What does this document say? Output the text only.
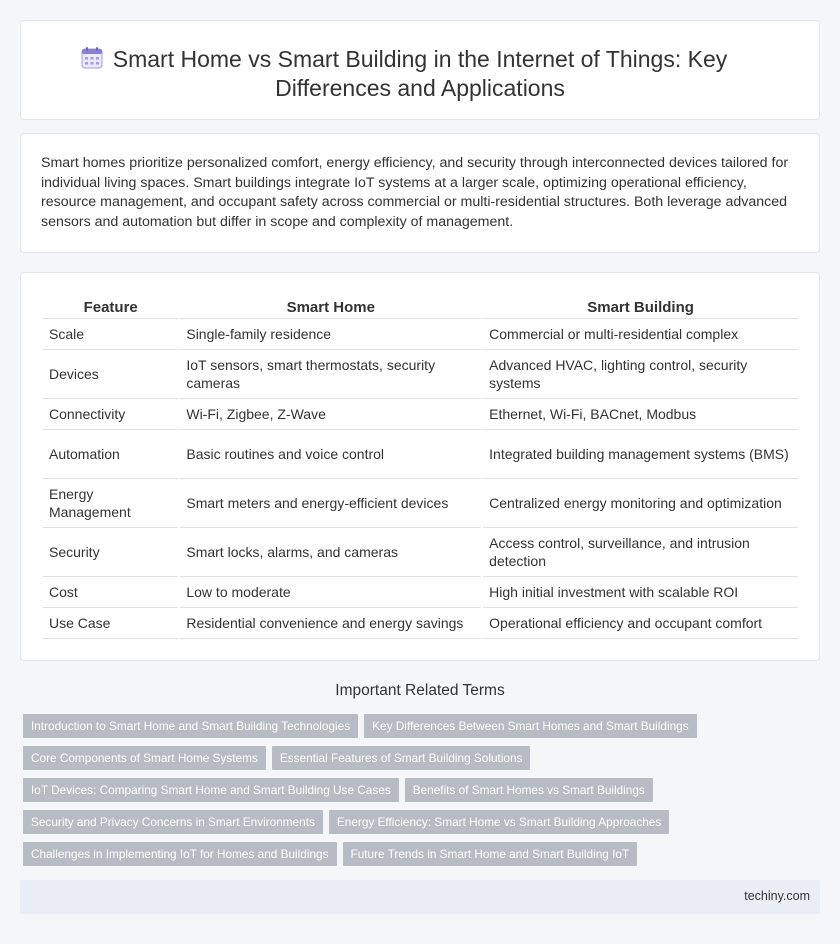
Smart Home vs Smart Building in the Internet of Things: Key Differences and Applications

Smart homes prioritize personalized comfort, energy efficiency, and security through interconnected devices tailored for individual living spaces. Smart buildings integrate IoT systems at a larger scale, optimizing operational efficiency, resource management, and occupant safety across commercial or multi-residential structures. Both leverage advanced sensors and automation but differ in scope and complexity of management.

Feature	Smart Home	Smart Building
Scale	Single-family residence	Commercial or multi-residential complex
Devices	IoT sensors, smart thermostats, security cameras	Advanced HVAC, lighting control, security systems
Connectivity	Wi-Fi, Zigbee, Z-Wave	Ethernet, Wi-Fi, BACnet, Modbus
Automation	Basic routines and voice control	Integrated building management systems (BMS)
Energy Management	Smart meters and energy-efficient devices	Centralized energy monitoring and optimization
Security	Smart locks, alarms, and cameras	Access control, surveillance, and intrusion detection
Cost	Low to moderate	High initial investment with scalable ROI
Use Case	Residential convenience and energy savings	Operational efficiency and occupant comfort
Important Related Terms
Introduction to Smart Home and Smart Building Technologies Key Differences Between Smart Homes and Smart Buildings
Core Components of Smart Home Systems Essential Features of Smart Building Solutions
IoT Devices: Comparing Smart Home and Smart Building Use Cases Benefits of Smart Homes vs Smart Buildings
Security and Privacy Concerns in Smart Environments Energy Efficiency: Smart Home vs Smart Building Approaches
Challenges in Implementing IoT for Homes and Buildings Future Trends in Smart Home and Smart Building IoT
techiny.com
